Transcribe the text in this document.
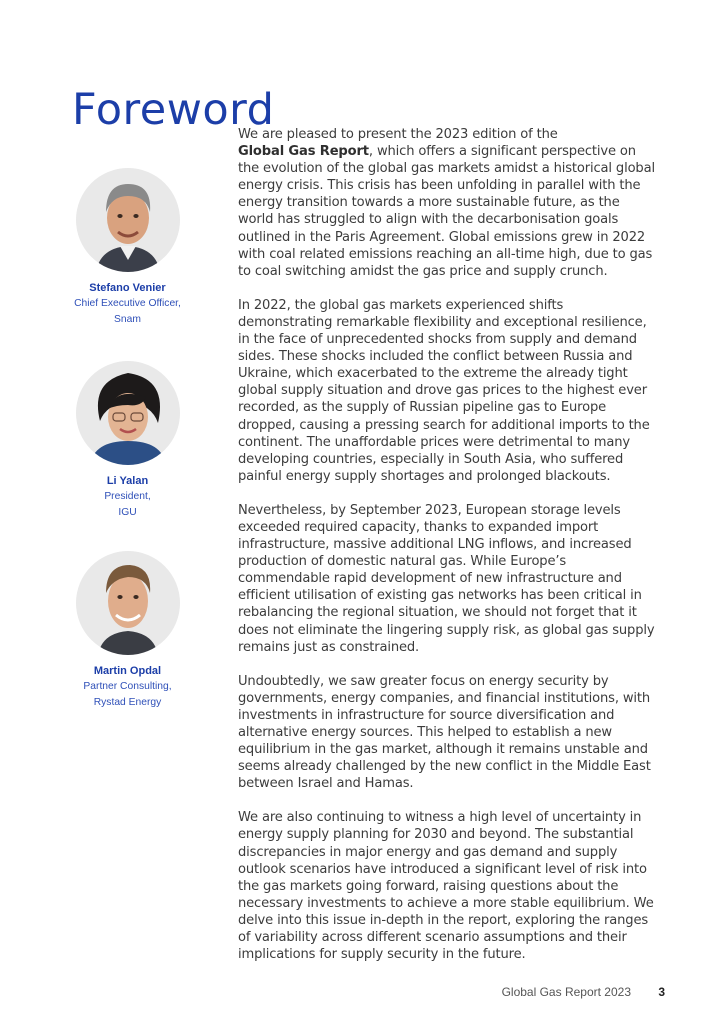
Foreword
Stefano Venier
Chief Executive Officer,
Snam
Li Yalan
President,
IGU
Martin Opdal
Partner Consulting,
Rystad Energy

We are pleased to present the 2023 edition of the
Global Gas Report, which offers a significant perspective on the evolution of the global gas markets amidst a historical global energy crisis. This crisis has been unfolding in parallel with the energy transition towards a more sustainable future, as the world has struggled to align with the decarbonisation goals outlined in the Paris Agreement. Global emissions grew in 2022 with coal related emissions reaching an all-time high, due to gas to coal switching amidst the gas price and supply crunch.

In 2022, the global gas markets experienced shifts demonstrating remarkable flexibility and exceptional resilience, in the face of unprecedented shocks from supply and demand sides. These shocks included the conflict between Russia and Ukraine, which exacerbated to the extreme the already tight global supply situation and drove gas prices to the highest ever recorded, as the supply of Russian pipeline gas to Europe dropped, causing a pressing search for additional imports to the continent. The unaffordable prices were detrimental to many developing countries, especially in South Asia, who suffered painful energy supply shortages and prolonged blackouts.

Nevertheless, by September 2023, European storage levels exceeded required capacity, thanks to expanded import infrastructure, massive additional LNG inflows, and increased production of domestic natural gas. While Europe’s commendable rapid development of new infrastructure and efficient utilisation of existing gas networks has been critical in rebalancing the regional situation, we should not forget that it does not eliminate the lingering supply risk, as global gas supply remains just as constrained.

Undoubtedly, we saw greater focus on energy security by governments, energy companies, and financial institutions, with investments in infrastructure for source diversification and alternative energy sources. This helped to establish a new equilibrium in the gas market, although it remains unstable and seems already challenged by the new conflict in the Middle East between Israel and Hamas.

We are also continuing to witness a high level of uncertainty in energy supply planning for 2030 and beyond. The substantial discrepancies in major energy and gas demand and supply outlook scenarios have introduced a significant level of risk into the gas markets going forward, raising questions about the necessary investments to achieve a more stable equilibrium. We delve into this issue in-depth in the report, exploring the ranges of variability across different scenario assumptions and their implications for supply security in the future.

Global Gas Report 2023 3
